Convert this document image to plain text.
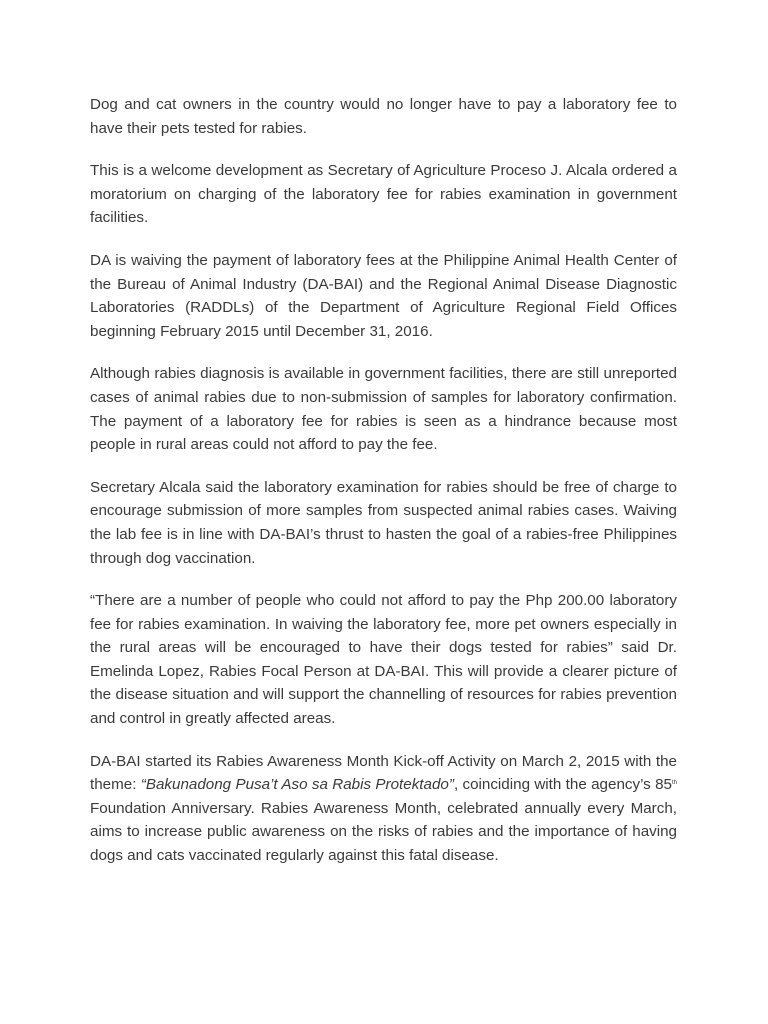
Dog and cat owners in the country would no longer have to pay a laboratory fee to have their pets tested for rabies.

This is a welcome development as Secretary of Agriculture Proceso J. Alcala ordered a moratorium on charging of the laboratory fee for rabies examination in government facilities.

DA is waiving the payment of laboratory fees at the Philippine Animal Health Center of the Bureau of Animal Industry (DA-BAI) and the Regional Animal Disease Diagnostic Laboratories (RADDLs) of the Department of Agriculture Regional Field Offices beginning February 2015 until December 31, 2016.

Although rabies diagnosis is available in government facilities, there are still unreported cases of animal rabies due to non-submission of samples for laboratory confirmation. The payment of a laboratory fee for rabies is seen as a hindrance because most people in rural areas could not afford to pay the fee.

Secretary Alcala said the laboratory examination for rabies should be free of charge to encourage submission of more samples from suspected animal rabies cases. Waiving the lab fee is in line with DA-BAI’s thrust to hasten the goal of a rabies-free Philippines through dog vaccination.

“There are a number of people who could not afford to pay the Php 200.00 laboratory fee for rabies examination. In waiving the laboratory fee, more pet owners especially in the rural areas will be encouraged to have their dogs tested for rabies” said Dr. Emelinda Lopez, Rabies Focal Person at DA-BAI. This will provide a clearer picture of the disease situation and will support the channelling of resources for rabies prevention and control in greatly affected areas.

DA-BAI started its Rabies Awareness Month Kick-off Activity on March 2, 2015 with the theme: “Bakunadong Pusa’t Aso sa Rabis Protektado”, coinciding with the agency’s 85th Foundation Anniversary. Rabies Awareness Month, celebrated annually every March, aims to increase public awareness on the risks of rabies and the importance of having dogs and cats vaccinated regularly against this fatal disease.
